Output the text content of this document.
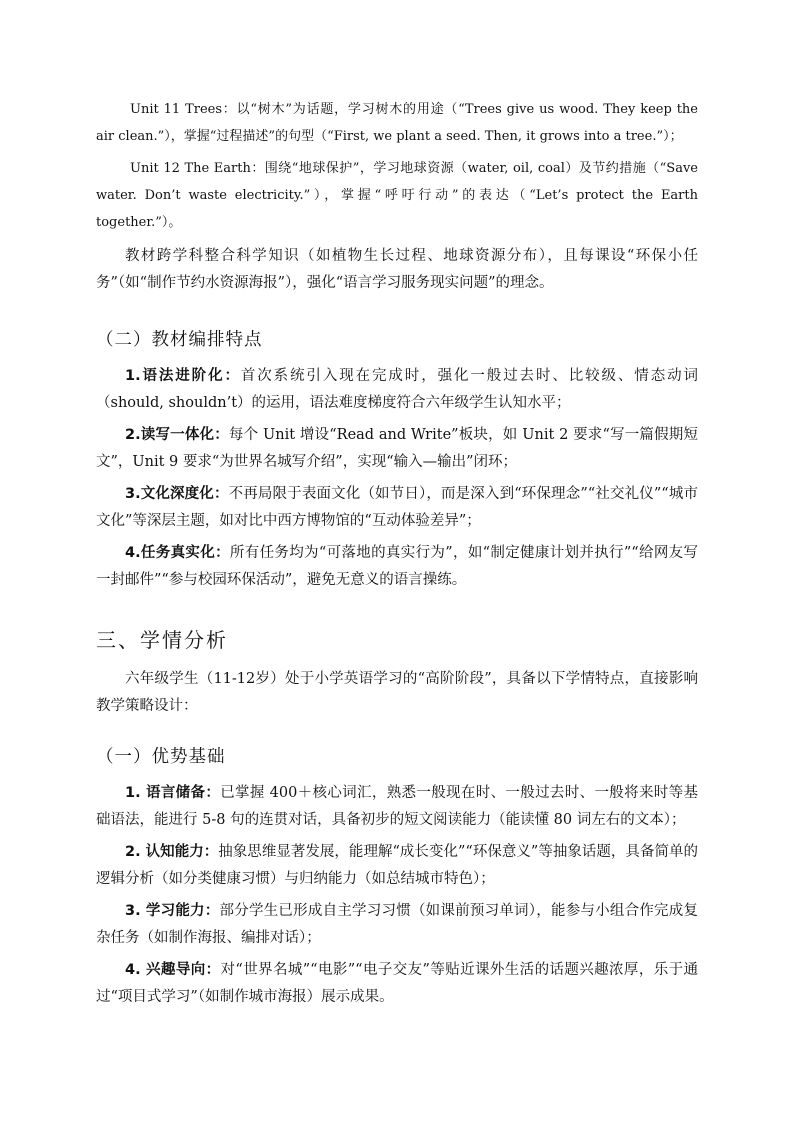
Unit 11 Trees：以“树木”为话题，学习树木的用途（“Trees give us wood. They keep the air clean.”），掌握“过程描述”的句型（“First, we plant a seed. Then, it grows into a tree.”）；

Unit 12 The Earth：围绕“地球保护”，学习地球资源（water, oil, coal）及节约措施（“Save water. Don’t waste electricity.”），掌握“呼吁行动”的表达（“Let’s protect the Earth together.”）。

教材跨学科整合科学知识（如植物生长过程、地球资源分布），且每课设“环保小任务”（如“制作节约水资源海报”），强化“语言学习服务现实问题”的理念。

（二）教材编排特点

1.语法进阶化：首次系统引入现在完成时，强化一般过去时、比较级、情态动词（should, shouldn’t）的运用，语法难度梯度符合六年级学生认知水平；

2.读写一体化：每个 Unit 增设“Read and Write”板块，如 Unit 2 要求“写一篇假期短文”，Unit 9 要求“为世界名城写介绍”，实现“输入—输出”闭环；

3.文化深度化：不再局限于表面文化（如节日），而是深入到“环保理念”“社交礼仪”“城市文化”等深层主题，如对比中西方博物馆的“互动体验差异”；

4.任务真实化：所有任务均为“可落地的真实行为”，如“制定健康计划并执行”“给网友写一封邮件”“参与校园环保活动”，避免无意义的语言操练。

三、学情分析

六年级学生（11-12岁）处于小学英语学习的“高阶阶段”，具备以下学情特点，直接影响教学策略设计：

（一）优势基础

1. 语言储备：已掌握 400＋核心词汇，熟悉一般现在时、一般过去时、一般将来时等基础语法，能进行 5-8 句的连贯对话，具备初步的短文阅读能力（能读懂 80 词左右的文本）；

2. 认知能力：抽象思维显著发展，能理解“成长变化”“环保意义”等抽象话题，具备简单的逻辑分析（如分类健康习惯）与归纳能力（如总结城市特色）；

3. 学习能力：部分学生已形成自主学习习惯（如课前预习单词），能参与小组合作完成复杂任务（如制作海报、编排对话）；

4. 兴趣导向：对“世界名城”“电影”“电子交友”等贴近课外生活的话题兴趣浓厚，乐于通过“项目式学习”（如制作城市海报）展示成果。
